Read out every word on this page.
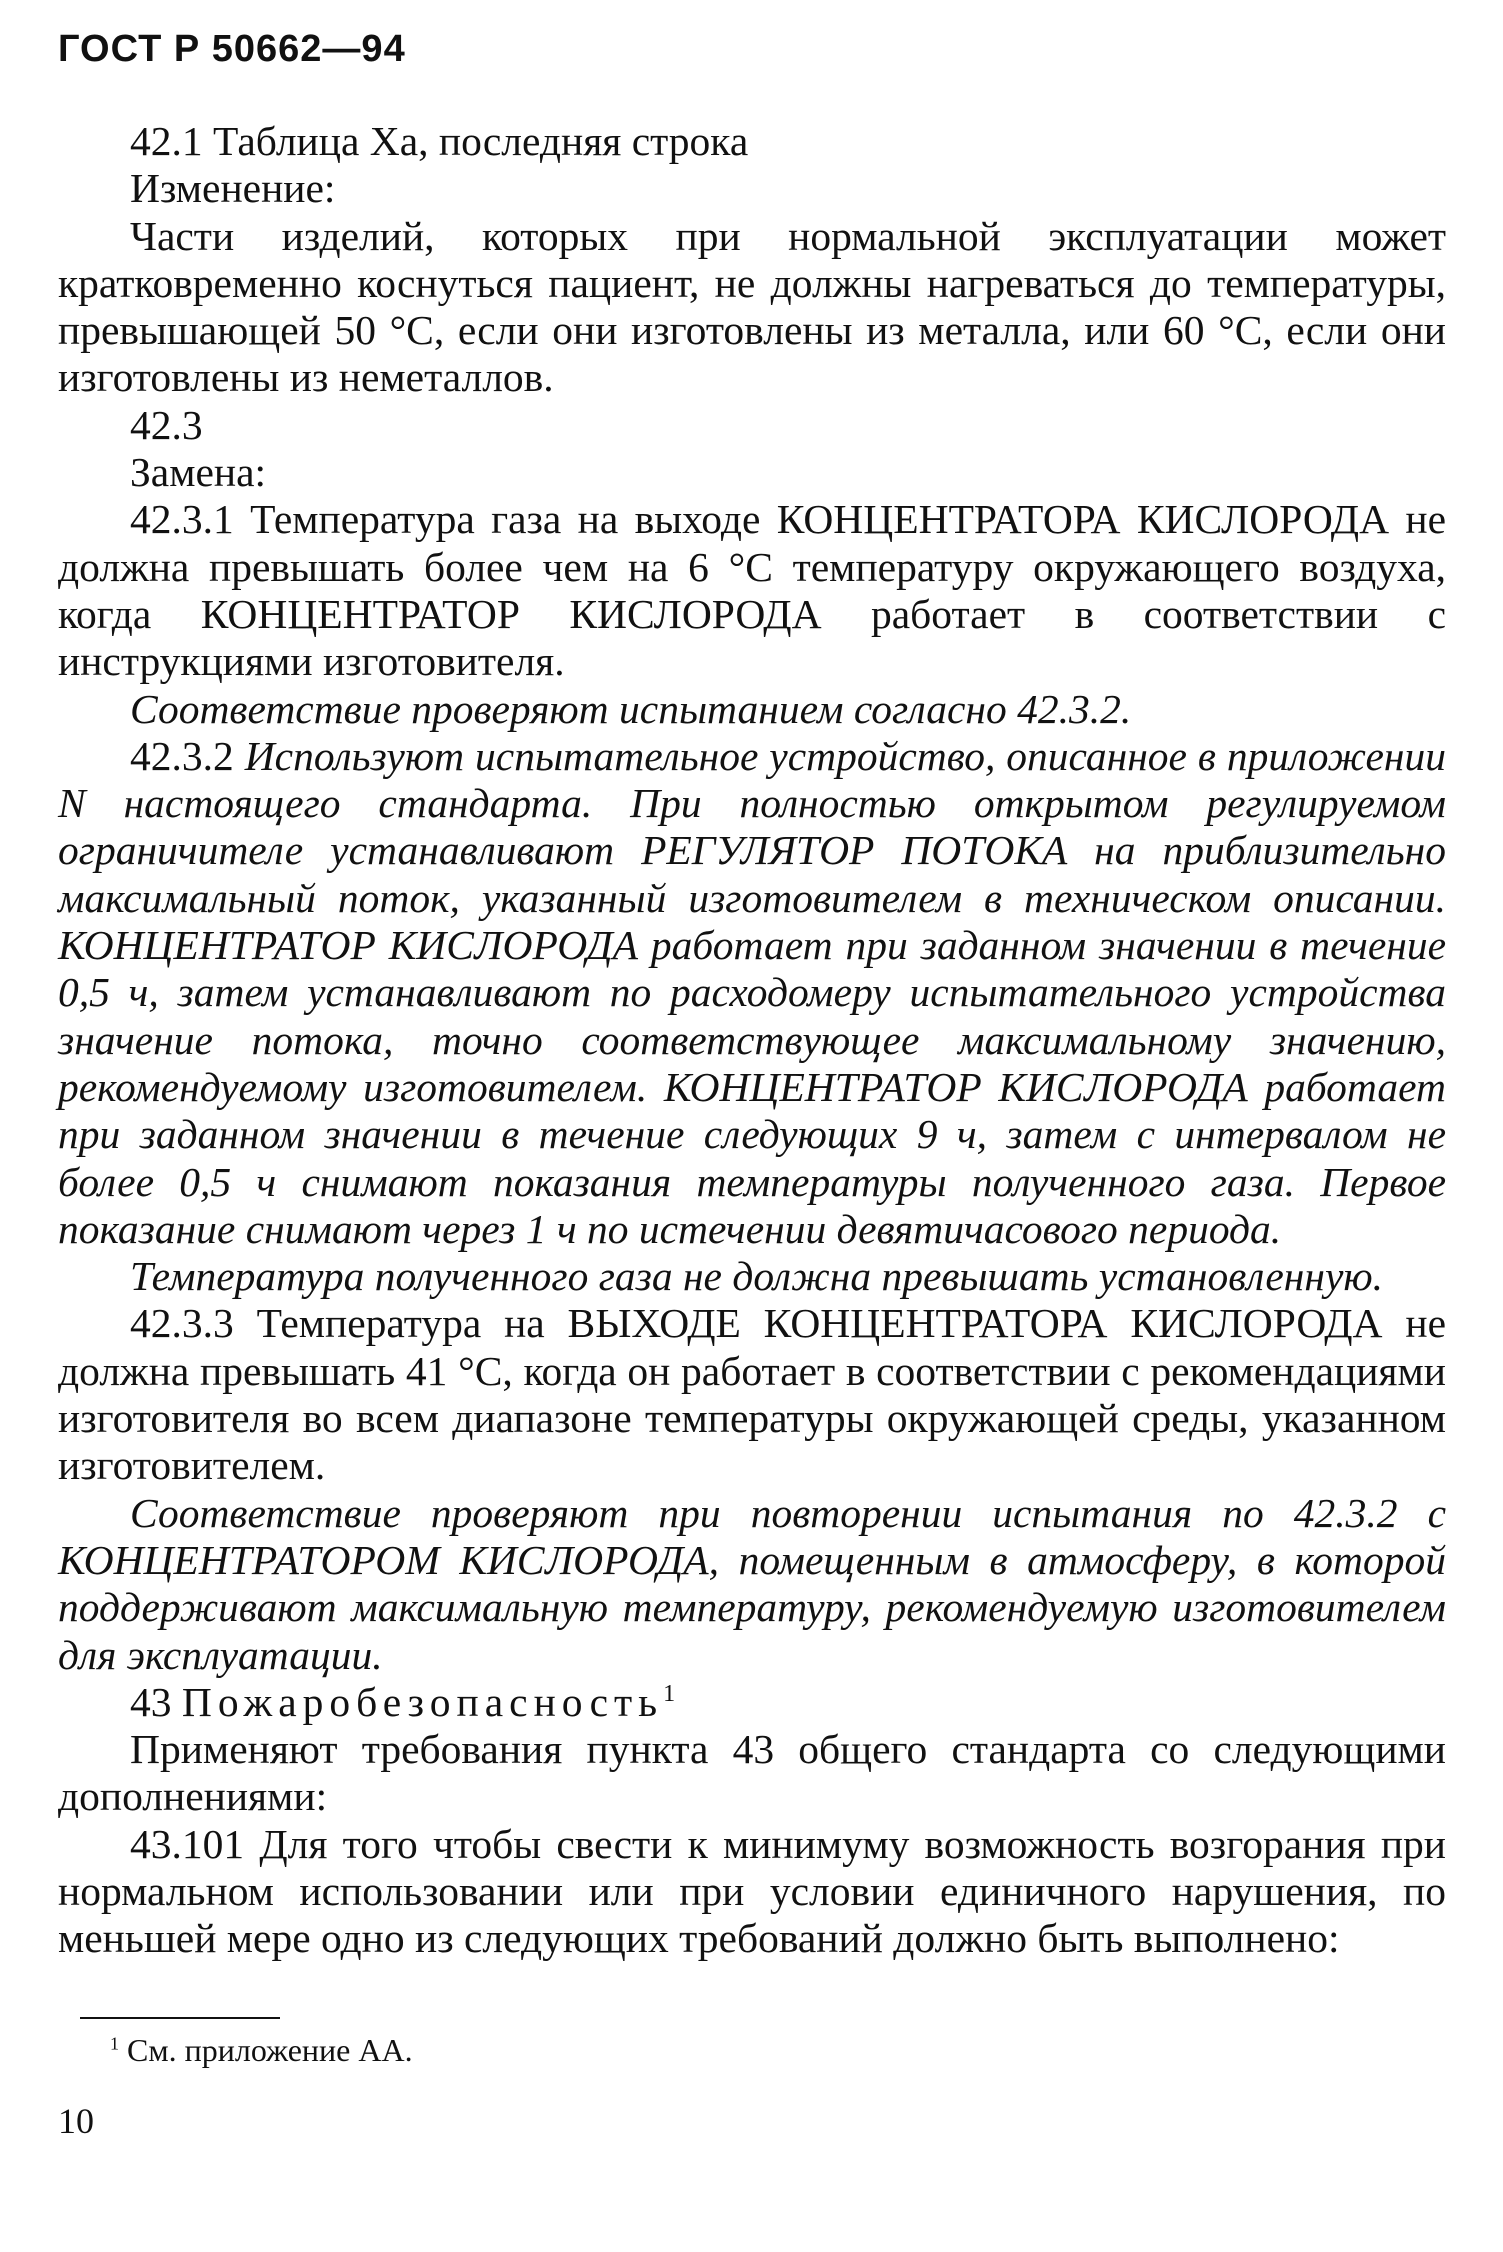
ГОСТ Р 50662—94

42.1 Таблица Ха, последняя строка

Изменение:

Части изделий, которых при нормальной эксплуатации может кратковременно коснуться пациент, не должны нагреваться до температуры, превышающей 50 °С, если они изготовлены из металла, или 60 °С, если они изготовлены из неметаллов.

42.3

Замена:

42.3.1 Температура газа на выходе КОНЦЕНТРАТОРА КИСЛОРОДА не должна превышать более чем на 6 °С температуру окружающего воздуха, когда КОНЦЕНТРАТОР КИСЛОРОДА работает в соответствии с инструкциями изготовителя.

Соответствие проверяют испытанием согласно 42.3.2.

42.3.2 Используют испытательное устройство, описанное в приложении N настоящего стандарта. При полностью открытом регулируемом ограничителе устанавливают РЕГУЛЯТОР ПОТОКА на приблизительно максимальный поток, указанный изготовителем в техническом описании. КОНЦЕНТРАТОР КИСЛОРОДА работает при заданном значении в течение 0,5 ч, затем устанавливают по расходомеру испытательного устройства значение потока, точно соответствующее максимальному значению, рекомендуемому изготовителем. КОНЦЕНТРАТОР КИСЛОРОДА работает при заданном значении в течение следующих 9 ч, затем с интервалом не более 0,5 ч снимают показания температуры полученного газа. Первое показание снимают через 1 ч по истечении девятичасового периода.

Температура полученного газа не должна превышать установленную.

42.3.3 Температура на ВЫХОДЕ КОНЦЕНТРАТОРА КИСЛОРОДА не должна превышать 41 °С, когда он работает в соответствии с рекомендациями изготовителя во всем диапазоне температуры окружающей среды, указанном изготовителем.

Соответствие проверяют при повторении испытания по 42.3.2 с КОНЦЕНТРАТОРОМ КИСЛОРОДА, помещенным в атмосферу, в которой поддерживают максимальную температуру, рекомендуемую изготовителем для эксплуатации.

43 Пожаробезопасность$^1$

Применяют требования пункта 43 общего стандарта со следующими дополнениями:

43.101 Для того чтобы свести к минимуму возможность возгорания при нормальном использовании или при условии единичного нарушения, по меньшей мере одно из следующих требований должно быть выполнено:

$^1$ См. приложение АА.
10
